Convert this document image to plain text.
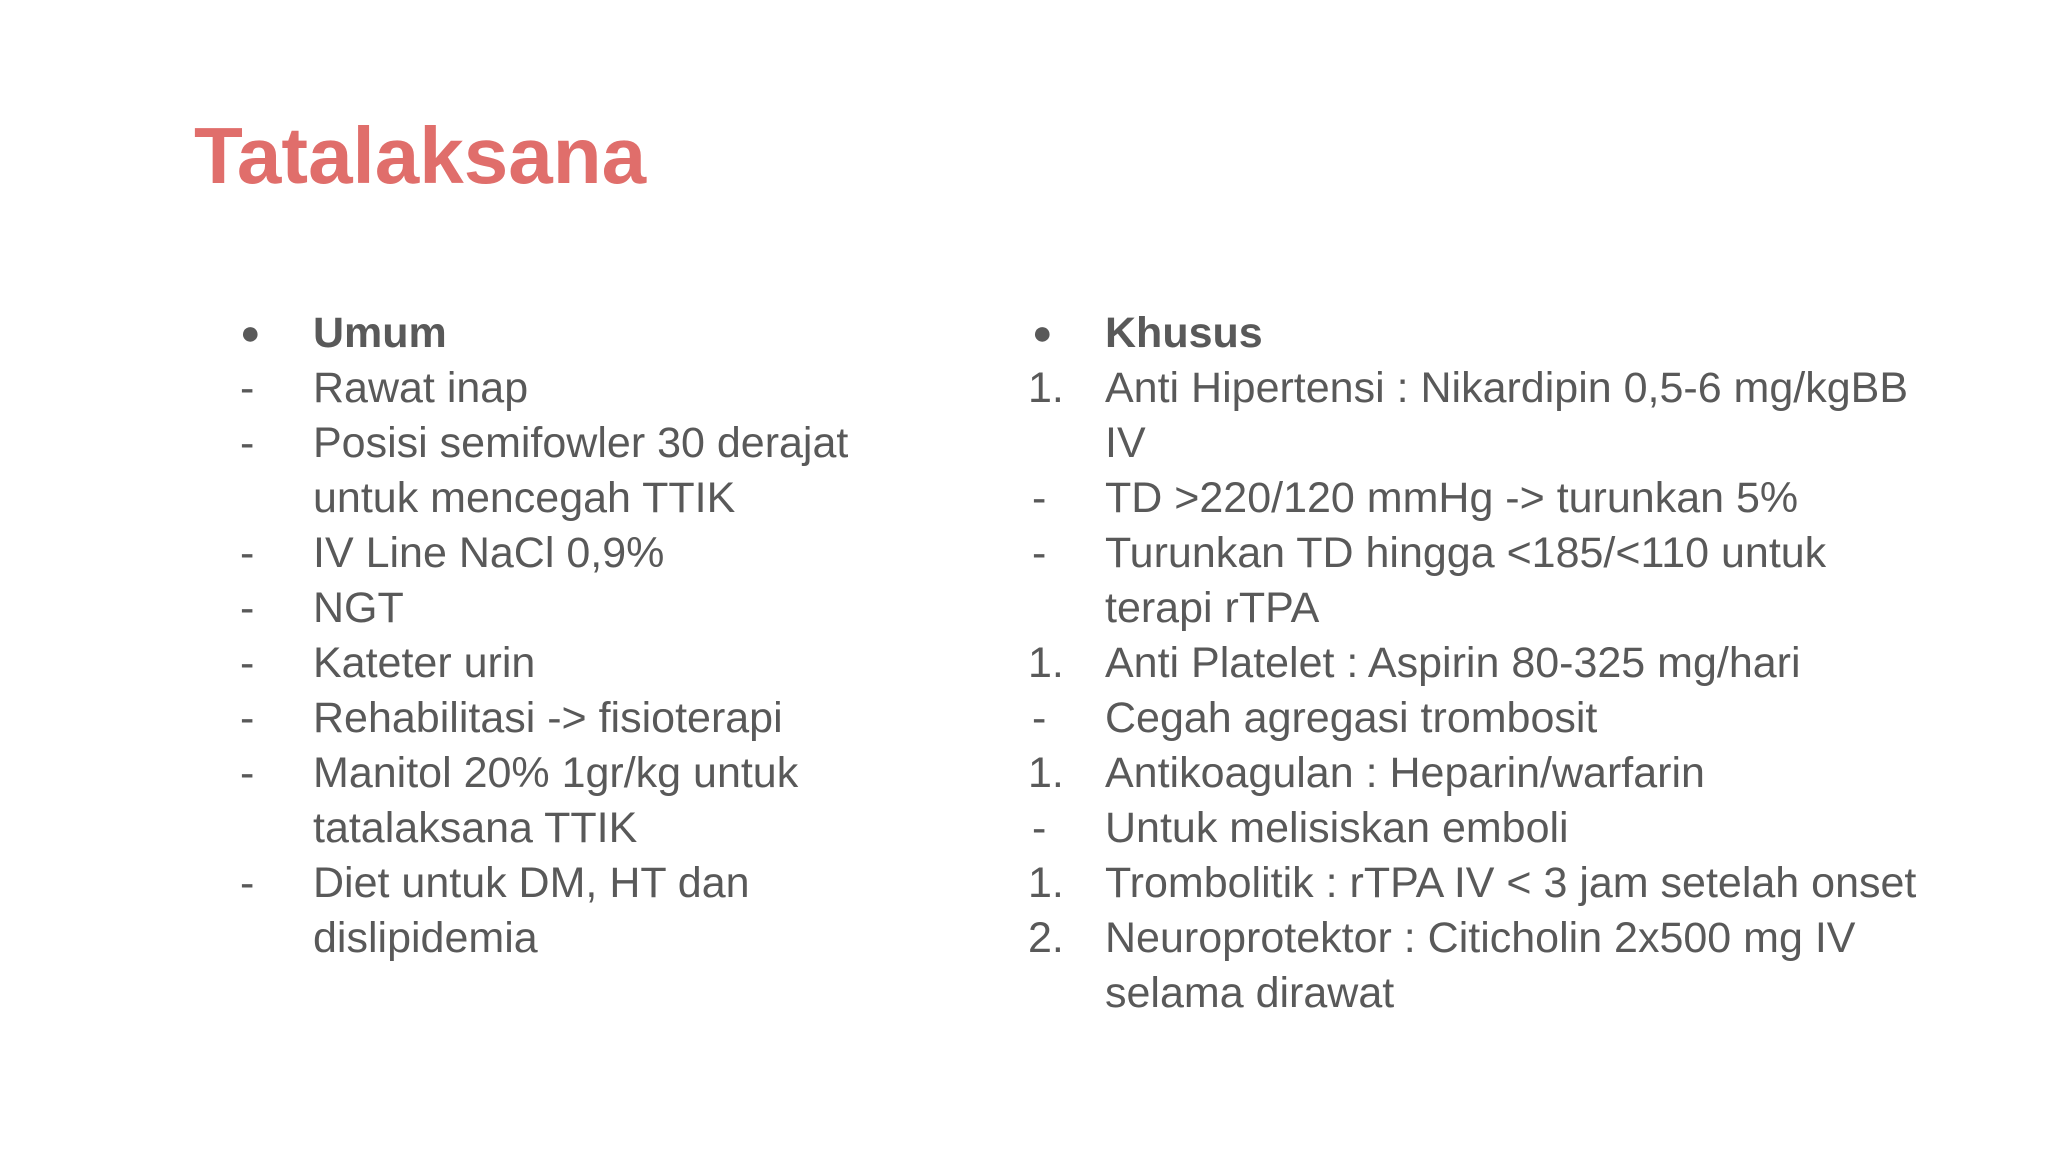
Tatalaksana
●	Umum
-	Rawat inap
-	Posisi semifowler 30 derajat untuk mencegah TTIK
-	IV Line NaCl 0,9%
-	NGT
-	Kateter urin
-	Rehabilitasi -> fisioterapi
-	Manitol 20% 1gr/kg untuk tatalaksana TTIK
-	Diet untuk DM, HT dan dislipidemia
●	Khusus
1. Anti Hipertensi : Nikardipin 0,5-6 mg/kgBB IV
-	TD >220/120 mmHg -> turunkan 5%
-	Turunkan TD hingga <185/<110 untuk terapi rTPA
1. Anti Platelet : Aspirin 80-325 mg/hari
-	Cegah agregasi trombosit
1. Antikoagulan : Heparin/warfarin
-	Untuk melisiskan emboli
1. Trombolitik : rTPA IV < 3 jam setelah onset
2. Neuroprotektor : Citicholin 2x500 mg IV selama dirawat
